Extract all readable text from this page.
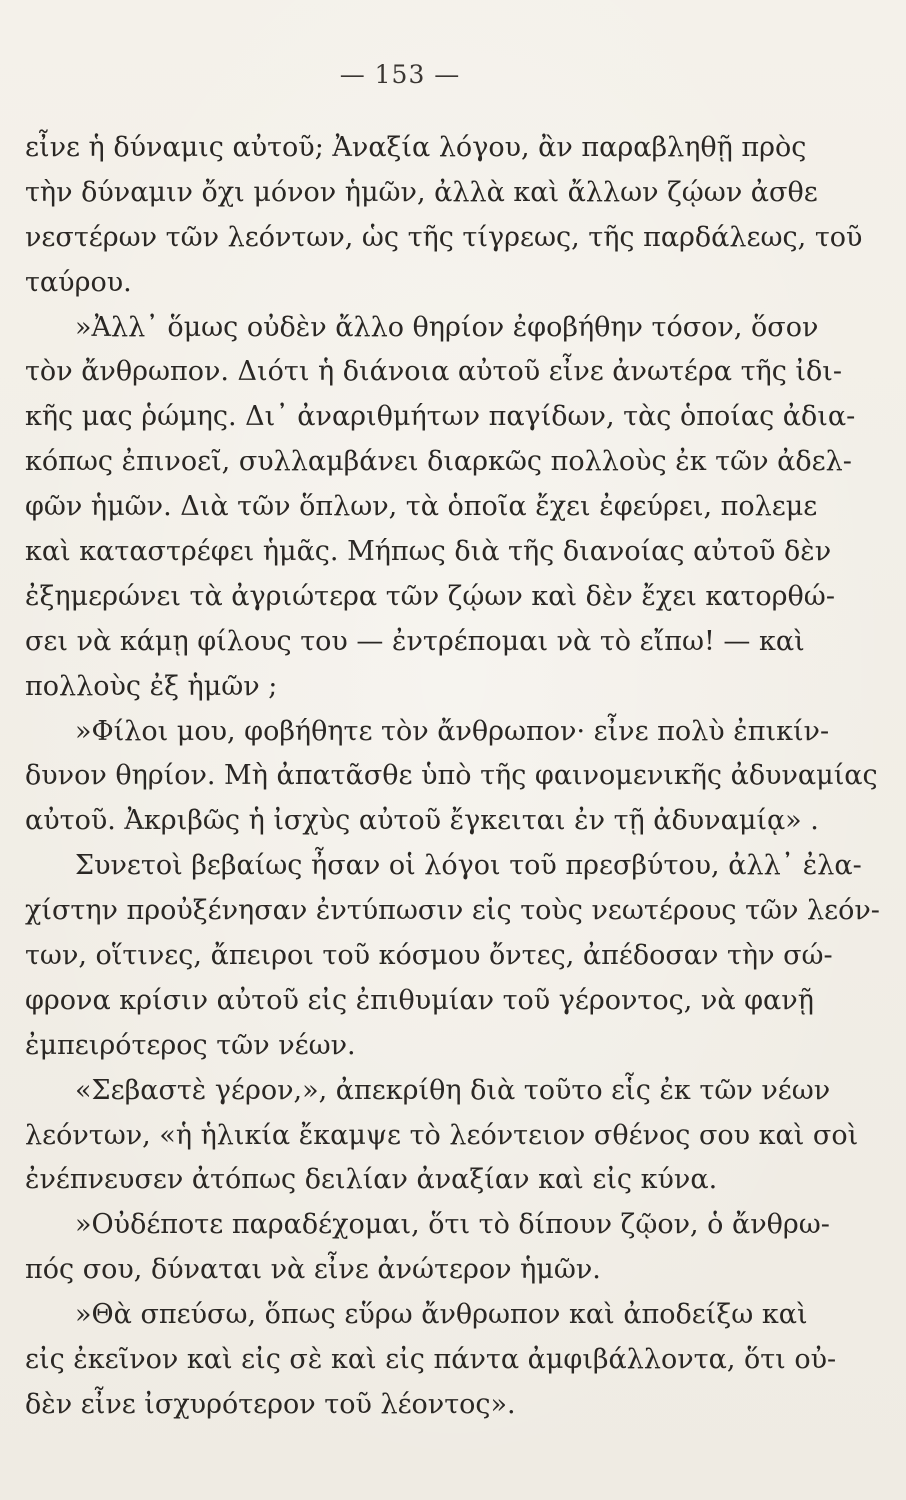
— 153 —
εἶνε ἡ δύναμις αὐτοῦ; Ἀναξία λόγου, ἂν παραβληθῇ πρὸς
τὴν δύναμιν ὄχι μόνον ἡμῶν, ἀλλὰ καὶ ἄλλων ζῴων ἀσθε
νεστέρων τῶν λεόντων, ὡς τῆς τίγρεως, τῆς παρδάλεως, τοῦ
ταύρου.
»Ἀλλ᾽ ὅμως οὐδὲν ἄλλο θηρίον ἐφοβήθην τόσον, ὅσον
τὸν ἄνθρωπον. Διότι ἡ διάνοια αὐτοῦ εἶνε ἀνωτέρα τῆς ἰδι-
κῆς μας ῥώμης. Δι᾽ ἀναριθμήτων παγίδων, τὰς ὁποίας ἀδια-
κόπως ἐπινοεῖ, συλλαμβάνει διαρκῶς πολλοὺς ἐκ τῶν ἀδελ-
φῶν ἡμῶν. Διὰ τῶν ὅπλων, τὰ ὁποῖα ἔχει ἐφεύρει, πολεμε
καὶ καταστρέφει ἡμᾶς. Μήπως διὰ τῆς διανοίας αὐτοῦ δὲν
ἐξημερώνει τὰ ἀγριώτερα τῶν ζῴων καὶ δὲν ἔχει κατορθώ-
σει νὰ κάμῃ φίλους του — ἐντρέπομαι νὰ τὸ εἴπω! — καὶ
πολλοὺς ἐξ ἡμῶν ;
»Φίλοι μου, φοβήθητε τὸν ἄνθρωπον· εἶνε πολὺ ἐπικίν-
δυνον θηρίον. Μὴ ἀπατᾶσθε ὑπὸ τῆς φαινομενικῆς ἀδυναμίας
αὐτοῦ. Ἀκριβῶς ἡ ἰσχὺς αὐτοῦ ἔγκειται ἐν τῇ ἀδυναμίᾳ» .
Συνετοὶ βεβαίως ἦσαν οἱ λόγοι τοῦ πρεσβύτου, ἀλλ᾽ ἐλα-
χίστην προὐξένησαν ἐντύπωσιν εἰς τοὺς νεωτέρους τῶν λεόν-
των, οἵτινες, ἄπειροι τοῦ κόσμου ὄντες, ἀπέδοσαν τὴν σώ-
φρονα κρίσιν αὐτοῦ εἰς ἐπιθυμίαν τοῦ γέροντος, νὰ φανῇ
ἐμπειρότερος τῶν νέων.
«Σεβαστὲ γέρον,», ἀπεκρίθη διὰ τοῦτο εἷς ἐκ τῶν νέων
λεόντων, «ἡ ἡλικία ἔκαμψε τὸ λεόντειον σθένος σου καὶ σοὶ
ἐνέπνευσεν ἀτόπως δειλίαν ἀναξίαν καὶ εἰς κύνα.
»Οὐδέποτε παραδέχομαι, ὅτι τὸ δίπουν ζῷον, ὁ ἄνθρω-
πός σου, δύναται νὰ εἶνε ἀνώτερον ἡμῶν.
»Θὰ σπεύσω, ὅπως εὕρω ἄνθρωπον καὶ ἀποδείξω καὶ
εἰς ἐκεῖνον καὶ εἰς σὲ καὶ εἰς πάντα ἀμφιβάλλοντα, ὅτι οὐ-
δὲν εἶνε ἰσχυρότερον τοῦ λέοντος».
